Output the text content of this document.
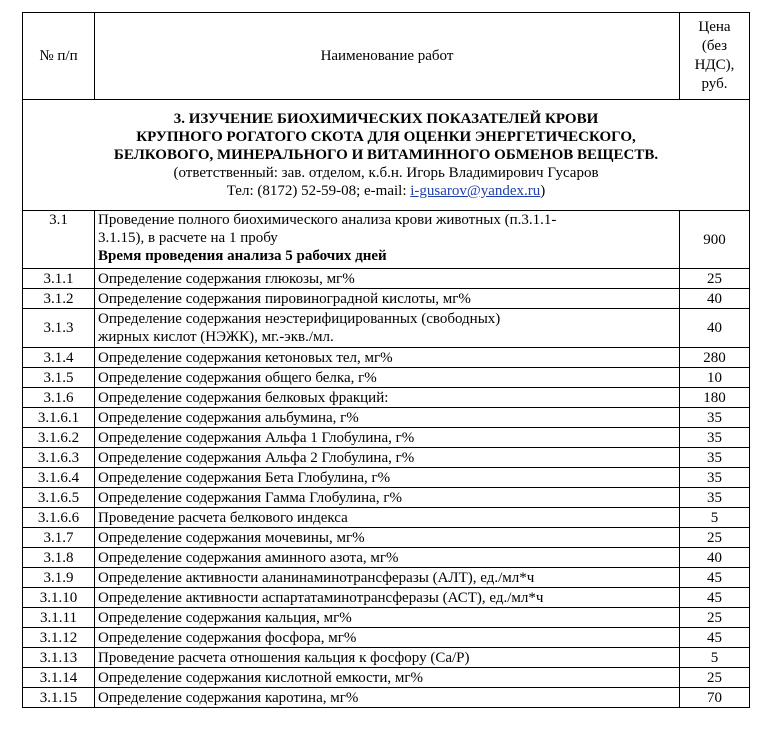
№ п/п	Наименование работ	Цена
(без
НДС),
руб.

3. ИЗУЧЕНИЕ БИОХИМИЧЕСКИХ ПОКАЗАТЕЛЕЙ КРОВИ
КРУПНОГО РОГАТОГО СКОТА ДЛЯ ОЦЕНКИ ЭНЕРГЕТИЧЕСКОГО,
БЕЛКОВОГО, МИНЕРАЛЬНОГО И ВИТАМИННОГО ОБМЕНОВ ВЕЩЕСТВ.
(ответственный: зав. отделом, к.б.н. Игорь Владимирович Гусаров
Тел: (8172) 52-59-08; e-mail: i-gusarov@yandex.ru)		

3.1	Проведение полного биохимического анализа крови животных (п.3.1.1-
3.1.15), в расчете на 1 пробу
Время проведения анализа 5 рабочих дней	900
3.1.1	Определение содержания глюкозы, мг%	25
3.1.2	Определение содержания пировиноградной кислоты, мг%	40
3.1.3	Определение содержания неэстерифицированных (свободных)
жирных кислот (НЭЖК), мг.-экв./мл.	40
3.1.4	Определение содержания кетоновых тел, мг%	280
3.1.5	Определение содержания общего белка, г%	10
3.1.6	Определение содержания белковых фракций:	180
3.1.6.1	Определение содержания альбумина, г%	35
3.1.6.2	Определение содержания Альфа 1 Глобулина, г%	35
3.1.6.3	Определение содержания Альфа 2 Глобулина, г%	35
3.1.6.4	Определение содержания Бета Глобулина, г%	35
3.1.6.5	Определение содержания Гамма Глобулина, г%	35
3.1.6.6	Проведение расчета белкового индекса	5
3.1.7	Определение содержания мочевины, мг%	25
3.1.8	Определение содержания аминного азота, мг%	40
3.1.9	Определение активности аланинаминотрансферазы (АЛТ), ед./мл*ч	45
3.1.10	Определение активности аспартатаминотрансферазы (АСТ), ед./мл*ч	45
3.1.11	Определение содержания кальция, мг%	25
3.1.12	Определение содержания фосфора, мг%	45
3.1.13	Проведение расчета отношения кальция к фосфору (Са/Р)	5
3.1.14	Определение содержания кислотной емкости, мг%	25
3.1.15	Определение содержания каротина, мг%	70
